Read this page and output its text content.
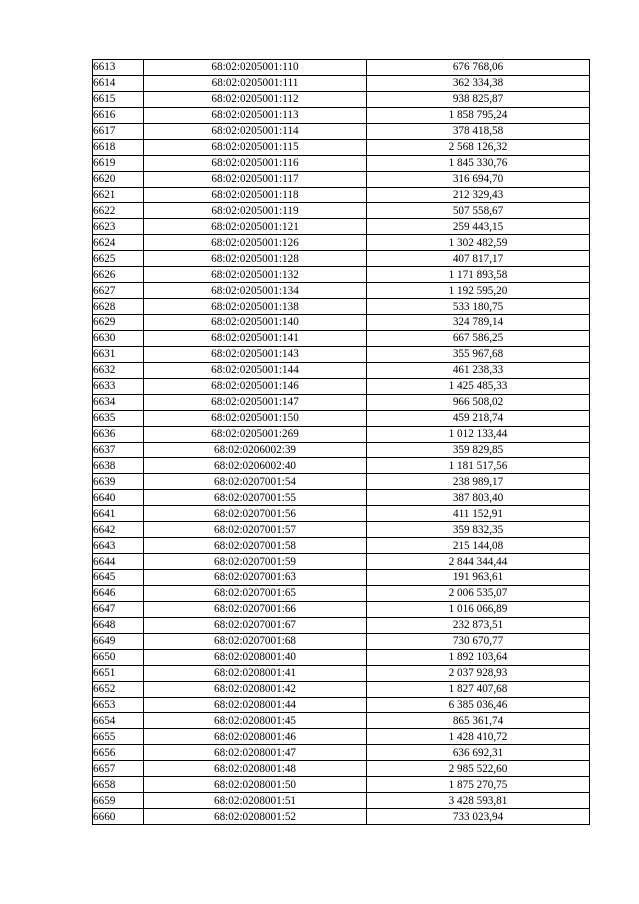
6613	68:02:0205001:110	676 768,06
6614	68:02:0205001:111	362 334,38
6615	68:02:0205001:112	938 825,87
6616	68:02:0205001:113	1 858 795,24
6617	68:02:0205001:114	378 418,58
6618	68:02:0205001:115	2 568 126,32
6619	68:02:0205001:116	1 845 330,76
6620	68:02:0205001:117	316 694,70
6621	68:02:0205001:118	212 329,43
6622	68:02:0205001:119	507 558,67
6623	68:02:0205001:121	259 443,15
6624	68:02:0205001:126	1 302 482,59
6625	68:02:0205001:128	407 817,17
6626	68:02:0205001:132	1 171 893,58
6627	68:02:0205001:134	1 192 595,20
6628	68:02:0205001:138	533 180,75
6629	68:02:0205001:140	324 789,14
6630	68:02:0205001:141	667 586,25
6631	68:02:0205001:143	355 967,68
6632	68:02:0205001:144	461 238,33
6633	68:02:0205001:146	1 425 485,33
6634	68:02:0205001:147	966 508,02
6635	68:02:0205001:150	459 218,74
6636	68:02:0205001:269	1 012 133,44
6637	68:02:0206002:39	359 829,85
6638	68:02:0206002:40	1 181 517,56
6639	68:02:0207001:54	238 989,17
6640	68:02:0207001:55	387 803,40
6641	68:02:0207001:56	411 152,91
6642	68:02:0207001:57	359 832,35
6643	68:02:0207001:58	215 144,08
6644	68:02:0207001:59	2 844 344,44
6645	68:02:0207001:63	191 963,61
6646	68:02:0207001:65	2 006 535,07
6647	68:02:0207001:66	1 016 066,89
6648	68:02:0207001:67	232 873,51
6649	68:02:0207001:68	730 670,77
6650	68:02:0208001:40	1 892 103,64
6651	68:02:0208001:41	2 037 928,93
6652	68:02:0208001:42	1 827 407,68
6653	68:02:0208001:44	6 385 036,46
6654	68:02:0208001:45	865 361,74
6655	68:02:0208001:46	1 428 410,72
6656	68:02:0208001:47	636 692,31
6657	68:02:0208001:48	2 985 522,60
6658	68:02:0208001:50	1 875 270,75
6659	68:02:0208001:51	3 428 593,81
6660	68:02:0208001:52	733 023,94
